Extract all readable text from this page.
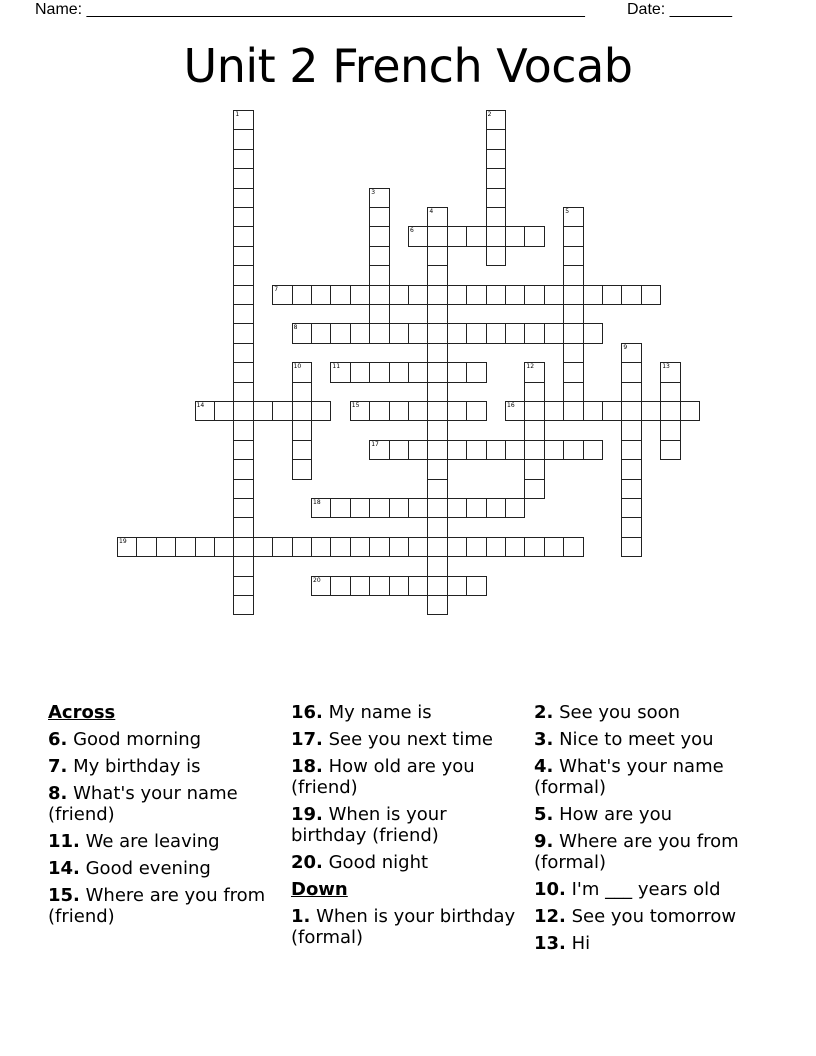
Name: ________________________________________________________	Date: _______
Unit 2 French Vocab
1	2
3
4	5
9
10	12	13
6
7
8
11
14	15	16
17
18
19
20
Across
6. Good morning
7. My birthday is
8. What's your name (friend)
11. We are leaving
14. Good evening
15. Where are you from (friend)
16. My name is
17. See you next time
18. How old are you (friend)
19. When is your birthday (friend)
20. Good night
Down
1. When is your birthday (formal)
2. See you soon
3. Nice to meet you
4. What's your name (formal)
5. How are you
9. Where are you from (formal)
10. I'm ___ years old
12. See you tomorrow
13. Hi
